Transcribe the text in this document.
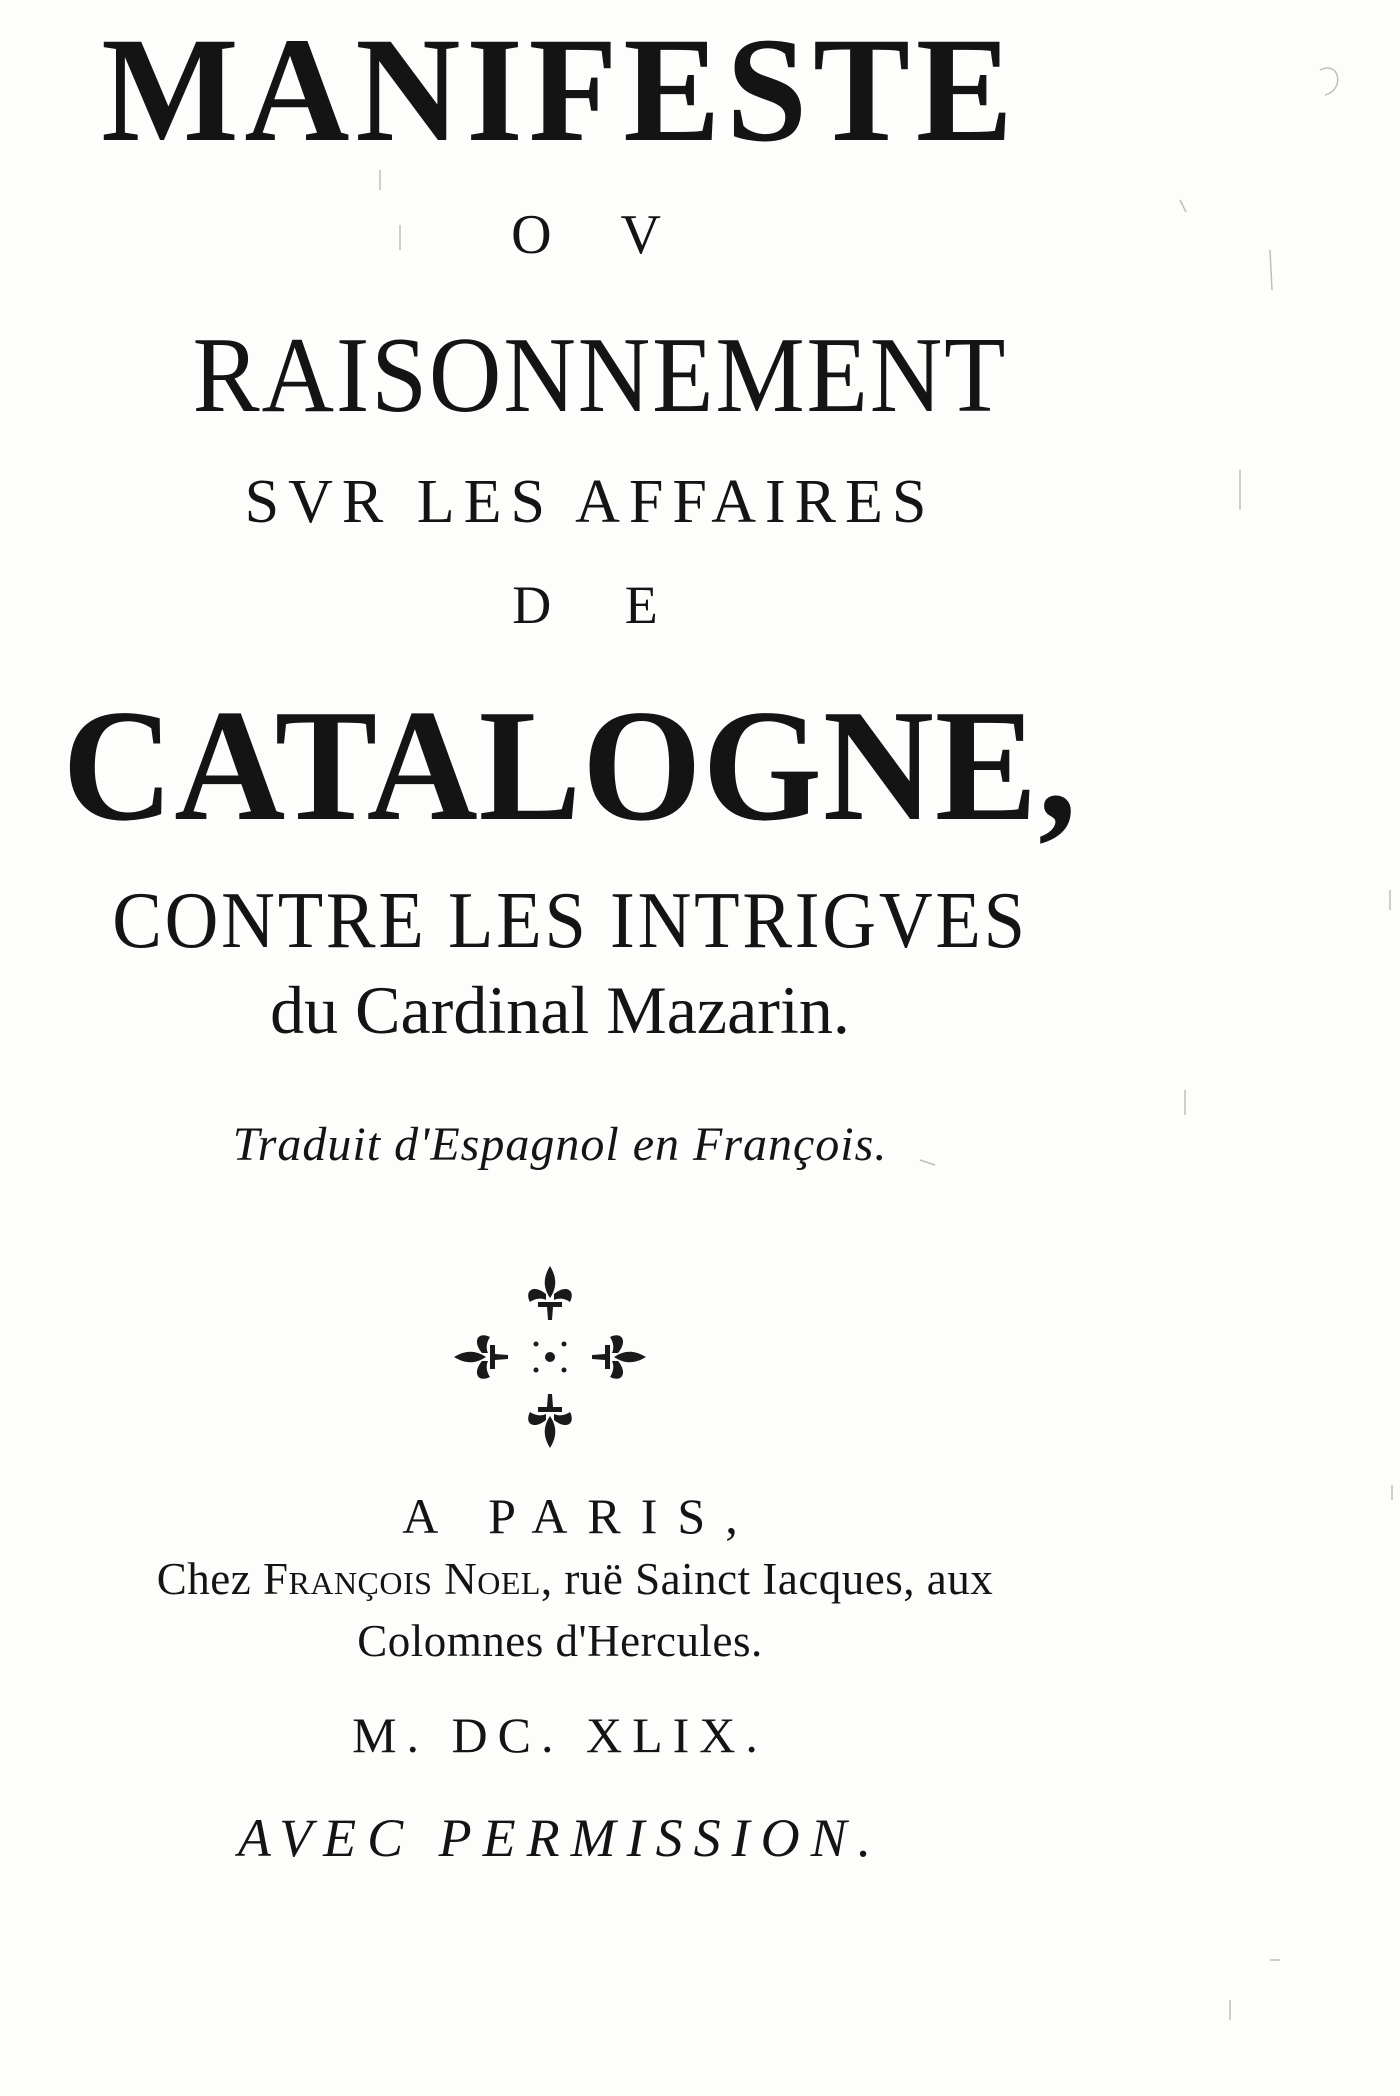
MANIFESTE
O V
RAISONNEMENT
SVR LES AFFAIRES
D E
CATALOGNE,
CONTRE LES INTRIGVES
du Cardinal Mazarin.
Traduit d'Espagnol en François.
A PARIS,
Chez François Noel, ruë Sainct Iacques, aux
Colomnes d'Hercules.
M. DC. XLIX.
AVEC PERMISSION.
